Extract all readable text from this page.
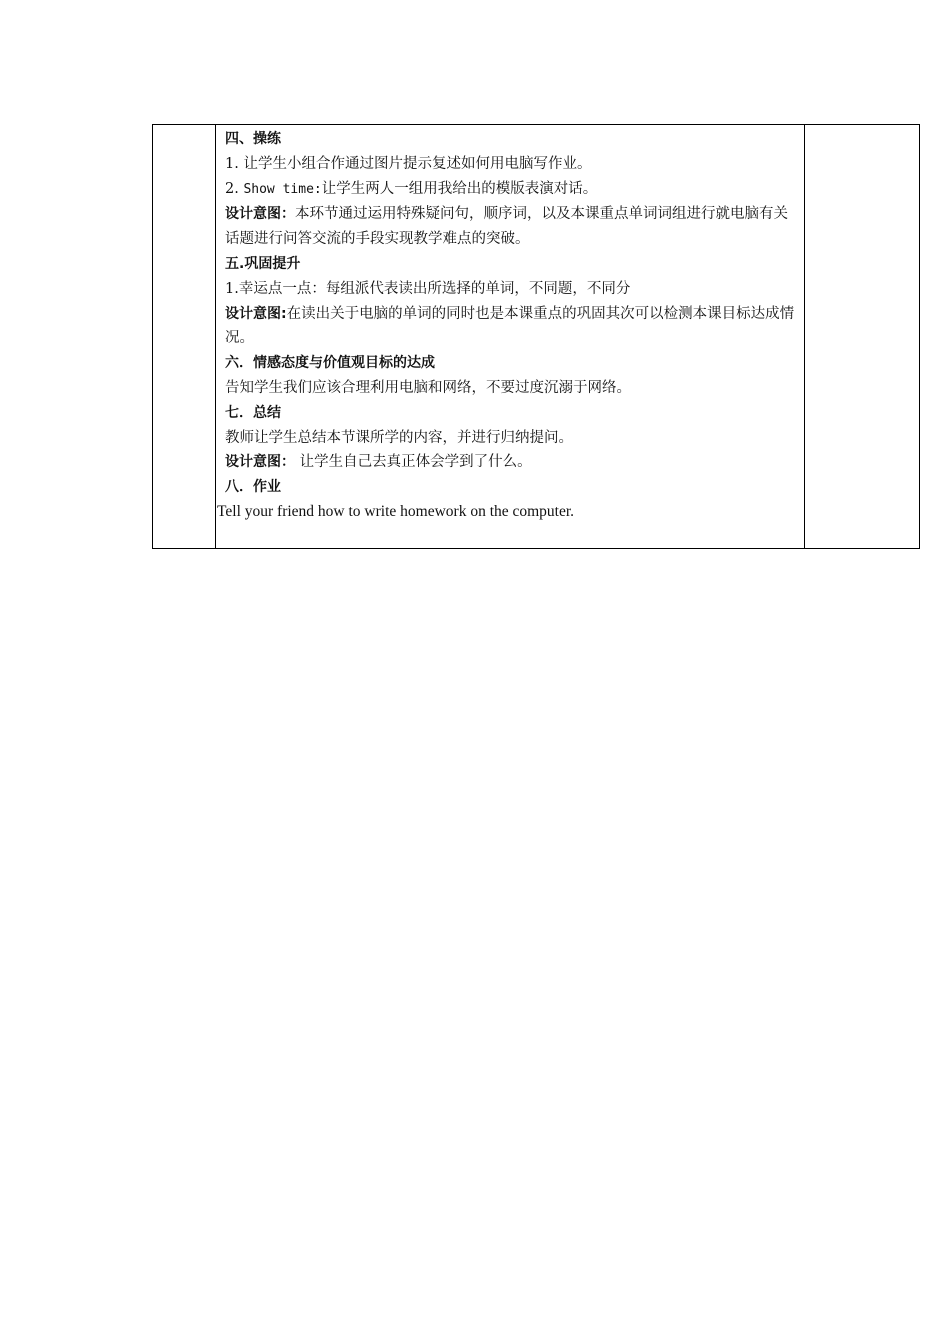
四、操练
1. 让学生小组合作通过图片提示复述如何用电脑写作业。
2. Show time:让学生两人一组用我给出的模版表演对话。
设计意图：本环节通过运用特殊疑问句，顺序词，以及本课重点单词词组进行就电脑有关话题进行问答交流的手段实现教学难点的突破。
五.巩固提升
1.幸运点一点：每组派代表读出所选择的单词，不同题，不同分
设计意图:在读出关于电脑的单词的同时也是本课重点的巩固其次可以检测本课目标达成情况。
六．情感态度与价值观目标的达成
告知学生我们应该合理利用电脑和网络，不要过度沉溺于网络。
七．总结
教师让学生总结本节课所学的内容，并进行归纳提问。
设计意图： 让学生自己去真正体会学到了什么。
八．作业
Tell your friend how to write homework on the computer.
